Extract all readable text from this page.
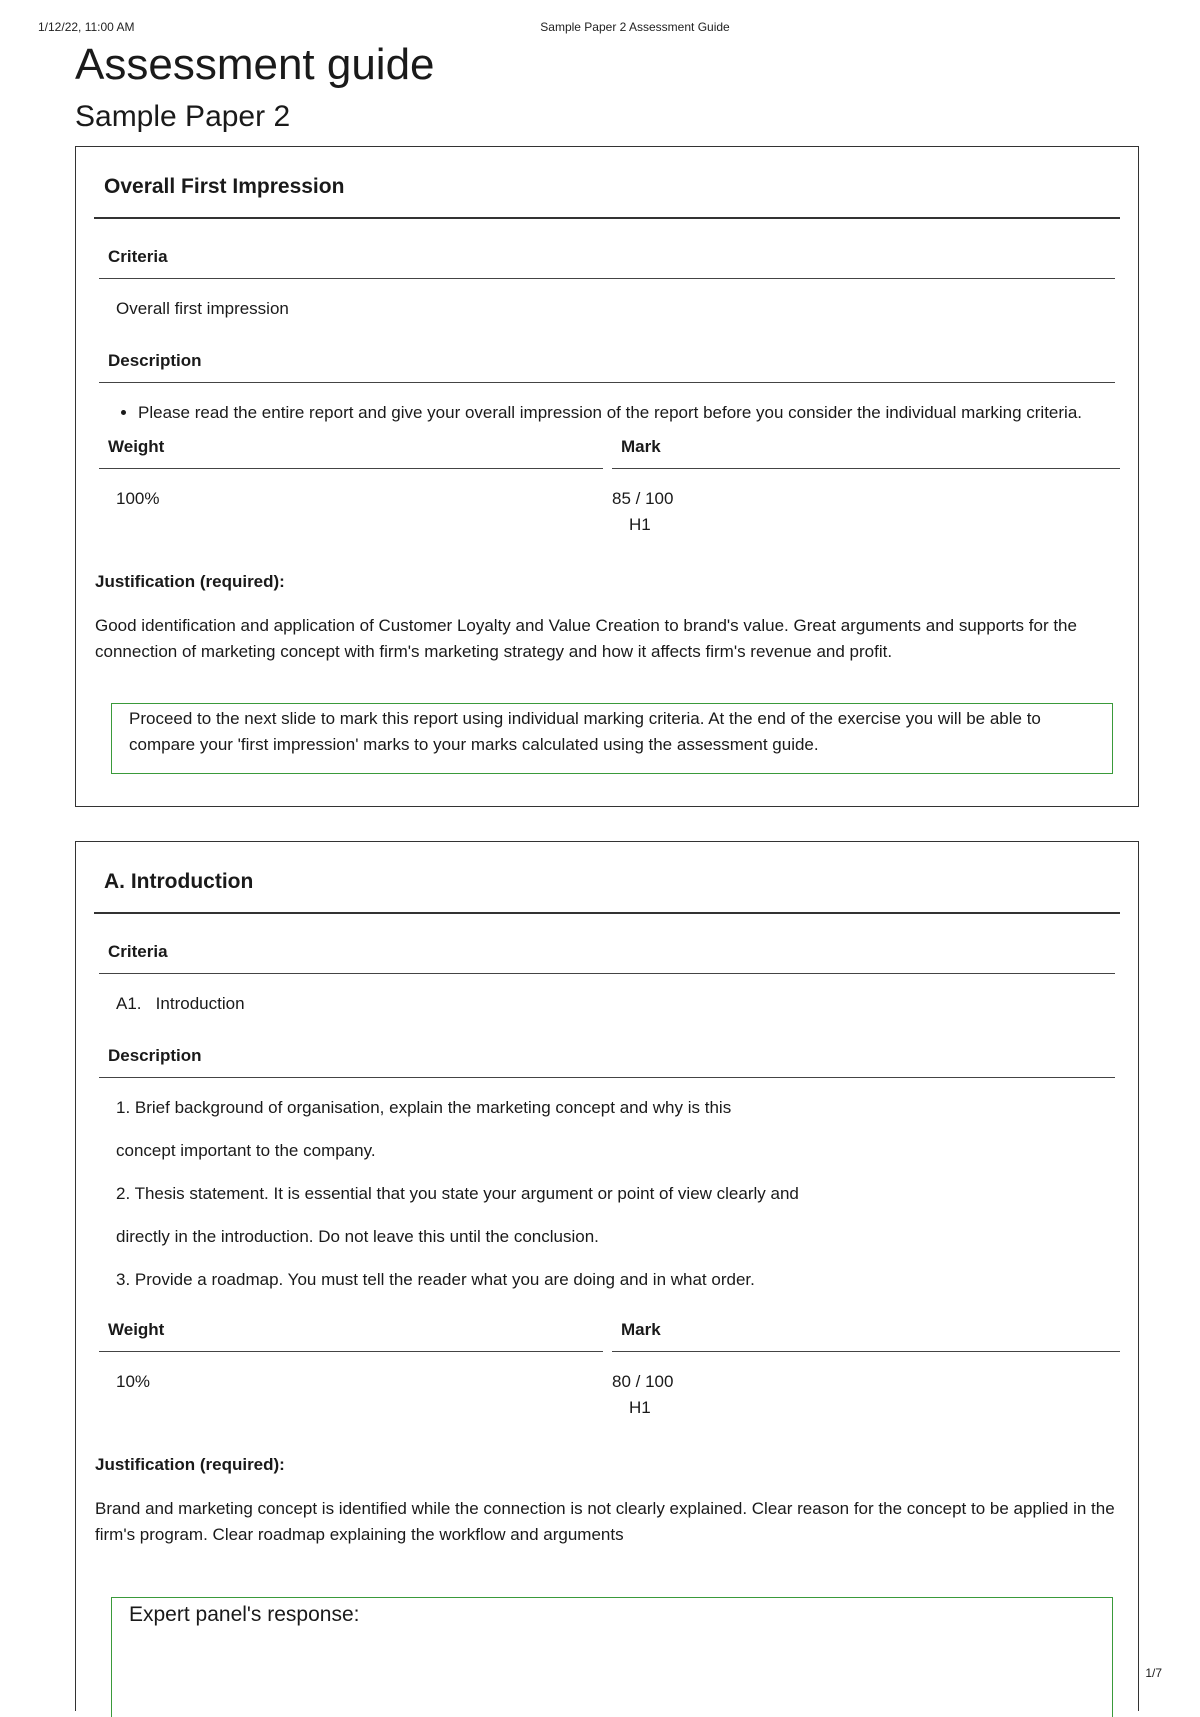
1/12/22, 11:00 AM	Sample Paper 2 Assessment Guide
Assessment guide
Sample Paper 2
Overall First Impression
Criteria
Overall first impression
Description
• Please read the entire report and give your overall impression of the report before you consider the individual marking criteria.
Weight	Mark
100%	85 / 100
H1
Justification (required):
Good identification and application of Customer Loyalty and Value Creation to brand's value. Great arguments and supports for the connection of marketing concept with firm's marketing strategy and how it affects firm's revenue and profit.
Proceed to the next slide to mark this report using individual marking criteria. At the end of the exercise you will be able to compare your 'first impression' marks to your marks calculated using the assessment guide.
A. Introduction
Criteria
A1.   Introduction
Description
1. Brief background of organisation, explain the marketing concept and why is this
concept important to the company.
2. Thesis statement. It is essential that you state your argument or point of view clearly and
directly in the introduction. Do not leave this until the conclusion.
3. Provide a roadmap. You must tell the reader what you are doing and in what order.
Weight	Mark
10%	80 / 100
H1
Justification (required):
Brand and marketing concept is identified while the connection is not clearly explained. Clear reason for the concept to be applied in the firm's program. Clear roadmap explaining the workflow and arguments
Expert panel's response:
1/7
